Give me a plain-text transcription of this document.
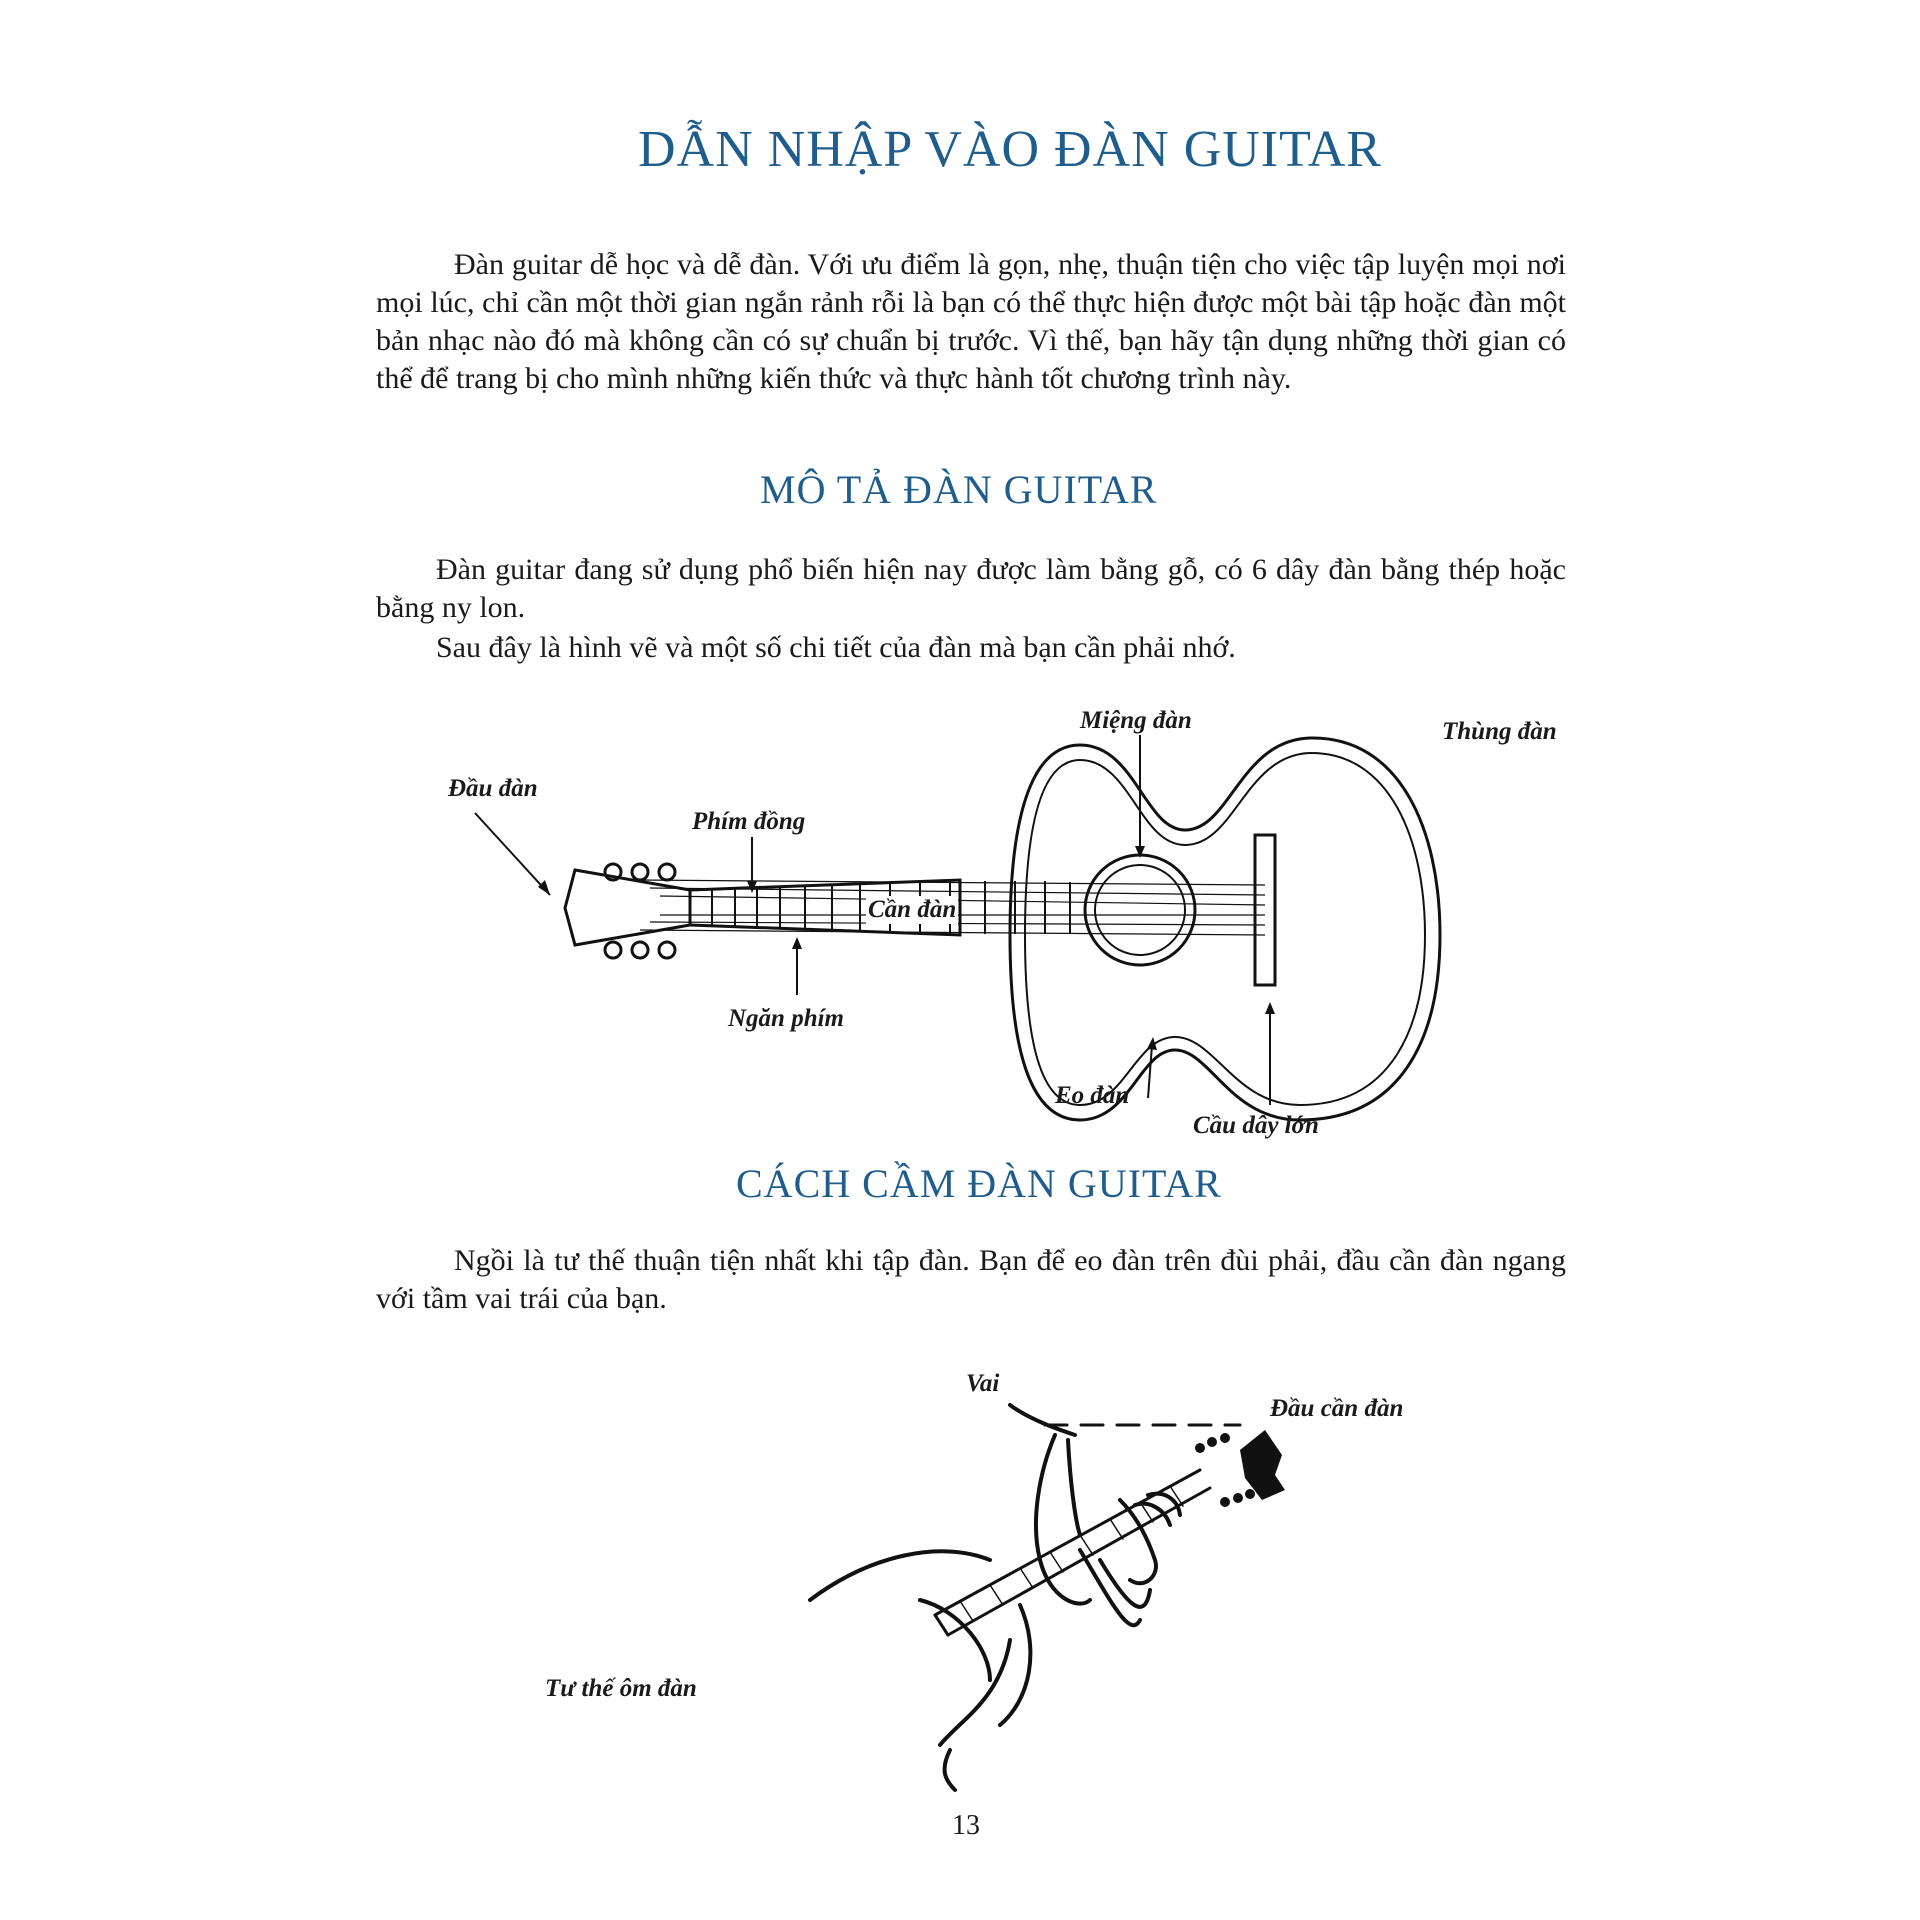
DẪN NHẬP VÀO ĐÀN GUITAR
Đàn guitar dễ học và dễ đàn. Với ưu điểm là gọn, nhẹ, thuận tiện cho việc tập luyện mọi nơi mọi lúc, chỉ cần một thời gian ngắn rảnh rỗi là bạn có thể thực hiện được một bài tập hoặc đàn một bản nhạc nào đó mà không cần có sự chuẩn bị trước. Vì thế, bạn hãy tận dụng những thời gian có thể để trang bị cho mình những kiến thức và thực hành tốt chương trình này.
MÔ TẢ ĐÀN GUITAR
Đàn guitar đang sử dụng phổ biến hiện nay được làm bằng gỗ, có 6 dây đàn bằng thép hoặc bằng ny lon.
Sau đây là hình vẽ và một số chi tiết của đàn mà bạn cần phải nhớ.
Miệng đàn	Thùng đàn
Đầu đàn
Phím đồng
Cần đàn
Ngăn phím
Eo đàn
Cầu dây lớn
CÁCH CẦM ĐÀN GUITAR
Ngồi là tư thế thuận tiện nhất khi tập đàn. Bạn để eo đàn trên đùi phải, đầu cần đàn ngang với tầm vai trái của bạn.
Vai
Đầu cần đàn
Tư thế ôm đàn
13
